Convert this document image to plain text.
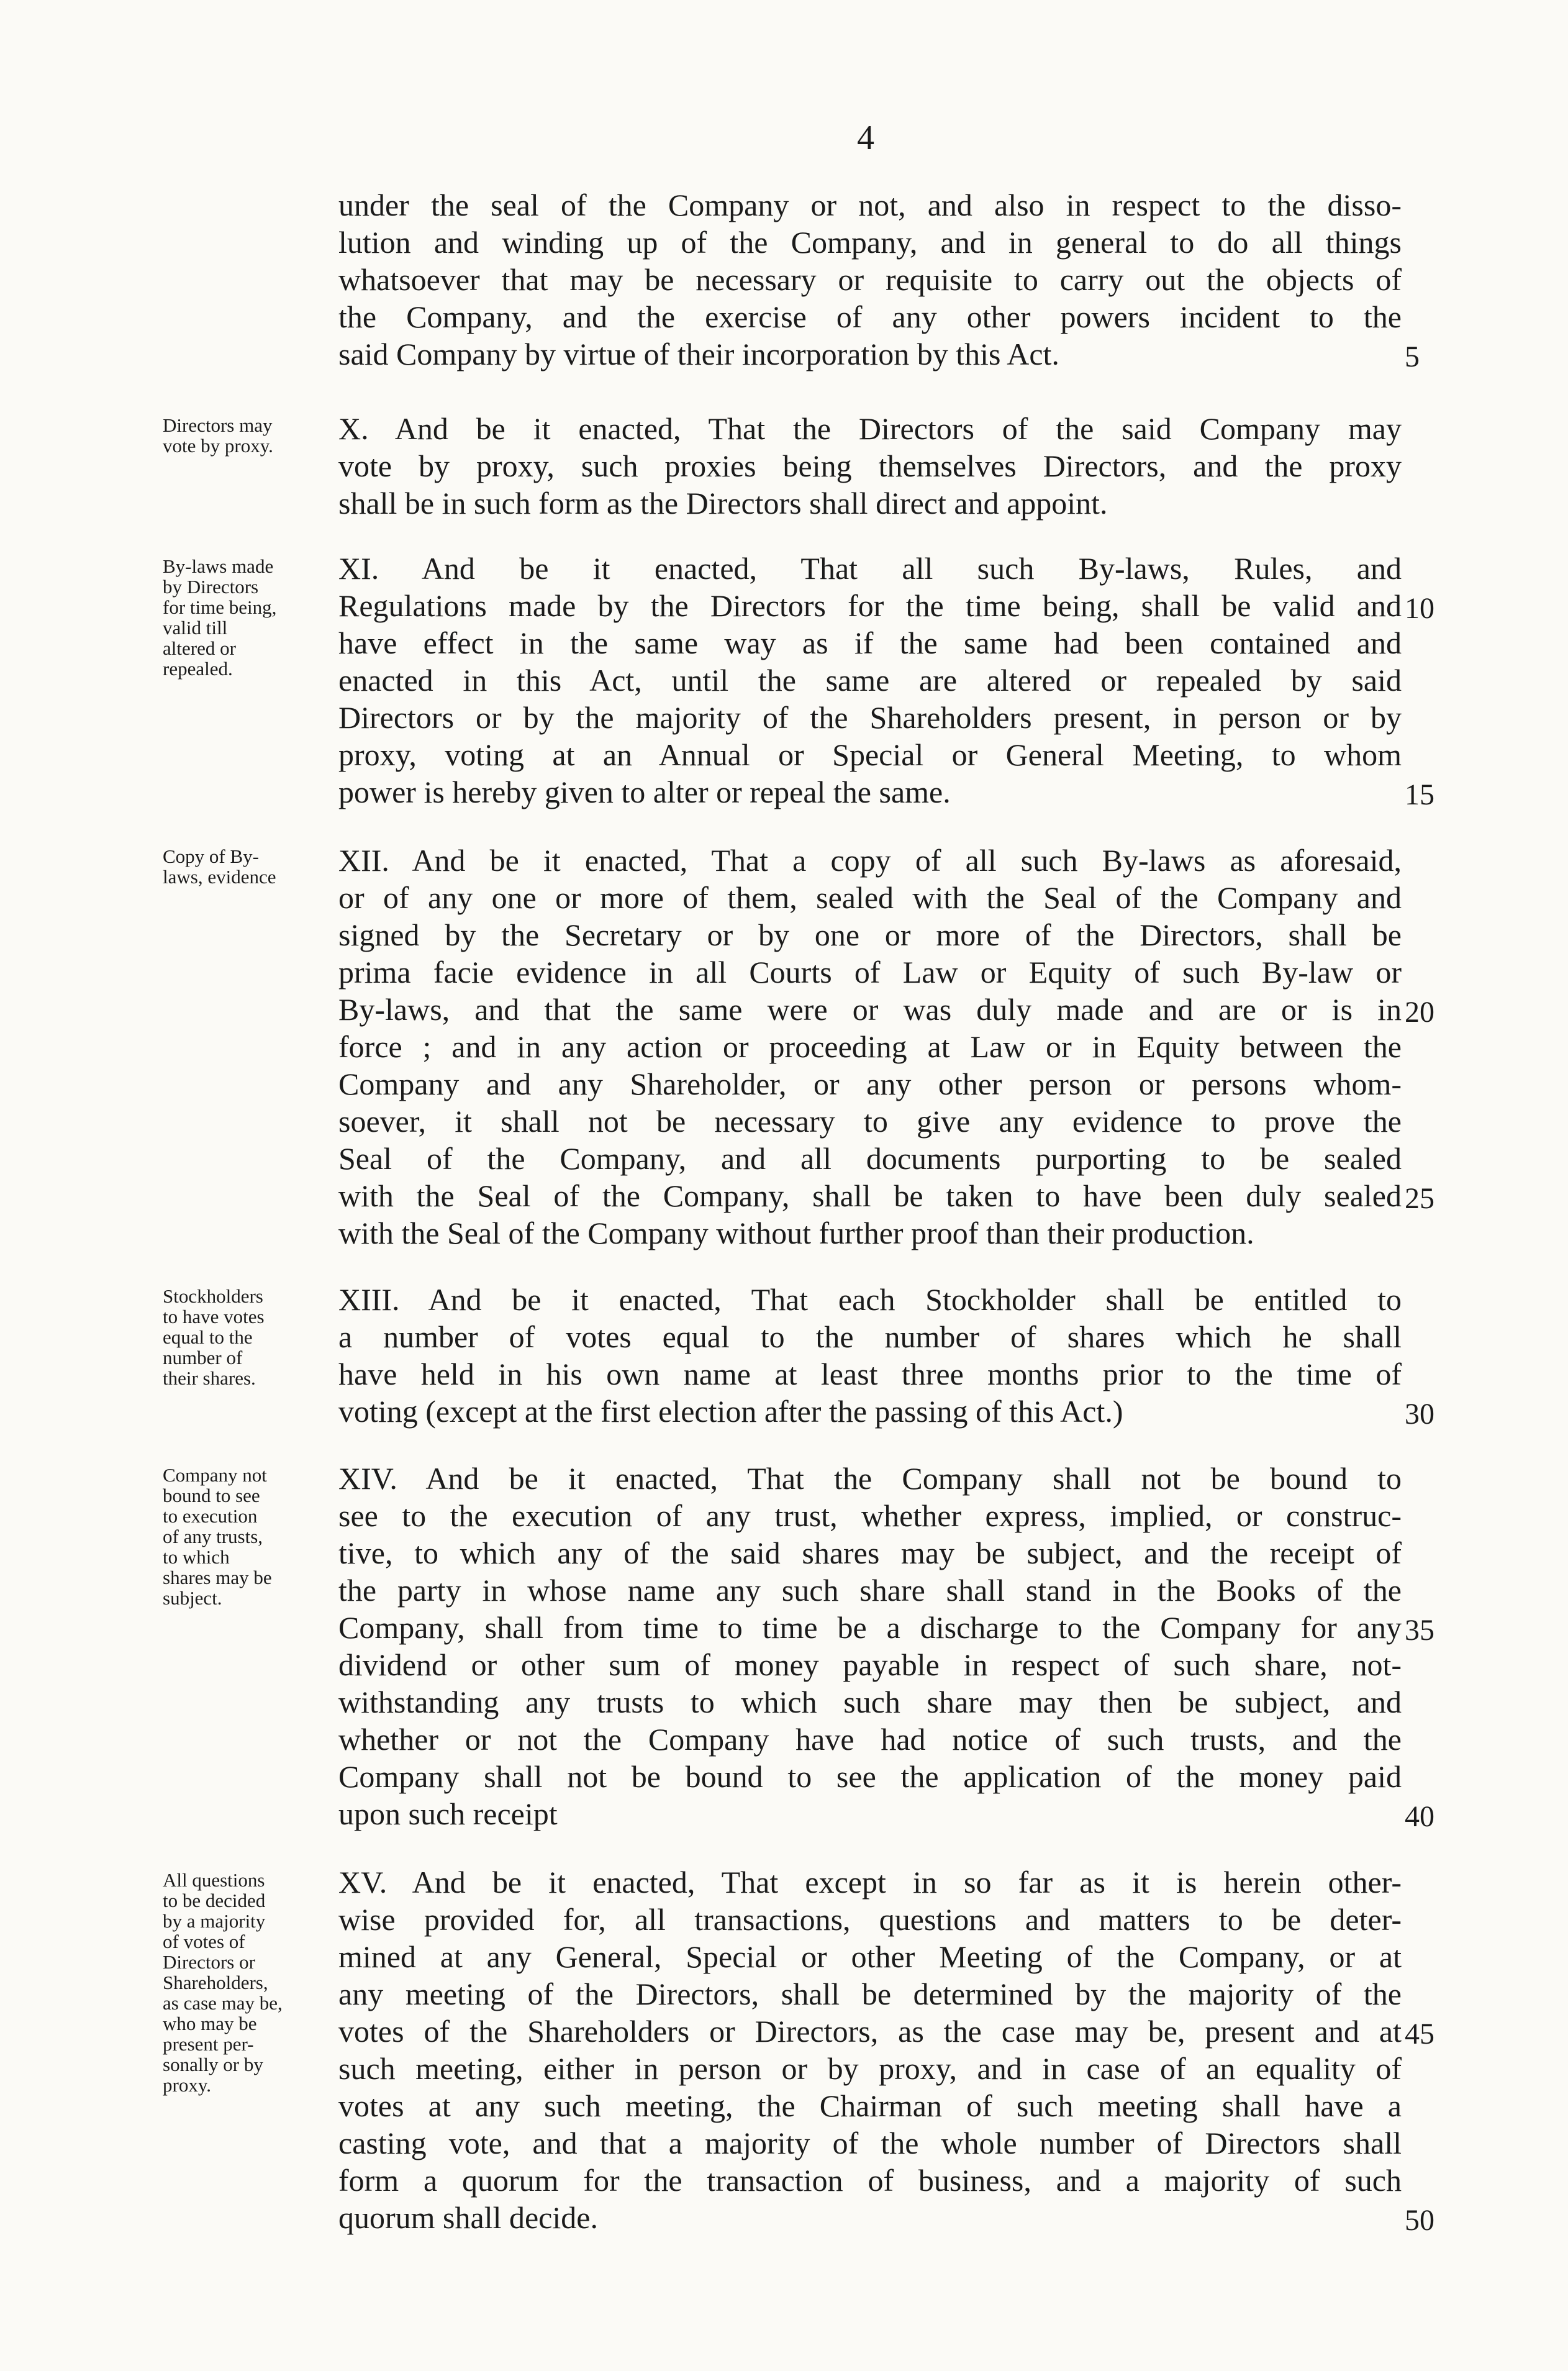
4
under the seal of the Company or not, and also in respect to the disso-
lution and winding up of the Company, and in general to do all things
whatsoever that may be necessary or requisite to carry out the objects of
the Company, and the exercise of any other powers incident to the
said Company by virtue of their incorporation by this Act.	5
Directors may
vote by proxy.	X. And be it enacted, That the Directors of the said Company may
vote by proxy, such proxies being themselves Directors, and the proxy
shall be in such form as the Directors shall direct and appoint.
By-laws made
by Directors
for time being,
valid till
altered or
repealed.
XI. And be it enacted, That all such By-laws, Rules, and
Regulations made by the Directors for the time being, shall be valid and 10
have effect in the same way as if the same had been contained and
enacted in this Act, until the same are altered or repealed by said
Directors or by the majority of the Shareholders present, in person or by
proxy, voting at an Annual or Special or General Meeting, to whom
power is hereby given to alter or repeal the same.	15
Copy of By-
laws, evidence	XII. And be it enacted, That a copy of all such By-laws as aforesaid,
or of any one or more of them, sealed with the Seal of the Company and
signed by the Secretary or by one or more of the Directors, shall be
prima facie evidence in all Courts of Law or Equity of such By-law or
By-laws, and that the same were or was duly made and are or is in 20
force ; and in any action or proceeding at Law or in Equity between the
Company and any Shareholder, or any other person or persons whom-
soever, it shall not be necessary to give any evidence to prove the
Seal of the Company, and all documents purporting to be sealed
with the Seal of the Company, shall be taken to have been duly sealed 25
with the Seal of the Company without further proof than their production.
Stockholders
to have votes
equal to the
number of
their shares.
XIII. And be it enacted, That each Stockholder shall be entitled to
a number of votes equal to the number of shares which he shall
have held in his own name at least three months prior to the time of
voting (except at the first election after the passing of this Act.)	30
Company not
bound to see
to execution
of any trusts,
to which
shares may be
subject.
XIV. And be it enacted, That the Company shall not be bound to
see to the execution of any trust, whether express, implied, or construc-
tive, to which any of the said shares may be subject, and the receipt of
the party in whose name any such share shall stand in the Books of the
Company, shall from time to time be a discharge to the Company for any 35
dividend or other sum of money payable in respect of such share, not-
withstanding any trusts to which such share may then be subject, and
whether or not the Company have had notice of such trusts, and the
Company shall not be bound to see the application of the money paid
upon such receipt	40
All questions
to be decided
by a majority
of votes of
Directors or
Shareholders,
as case may be,
who may be
present per-
sonally or by
proxy.
XV. And be it enacted, That except in so far as it is herein other-
wise provided for, all transactions, questions and matters to be deter-
mined at any General, Special or other Meeting of the Company, or at
any meeting of the Directors, shall be determined by the majority of the
votes of the Shareholders or Directors, as the case may be, present and at 45
such meeting, either in person or by proxy, and in case of an equality of
votes at any such meeting, the Chairman of such meeting shall have a
casting vote, and that a majority of the whole number of Directors shall
form a quorum for the transaction of business, and a majority of such
quorum shall decide.	50
